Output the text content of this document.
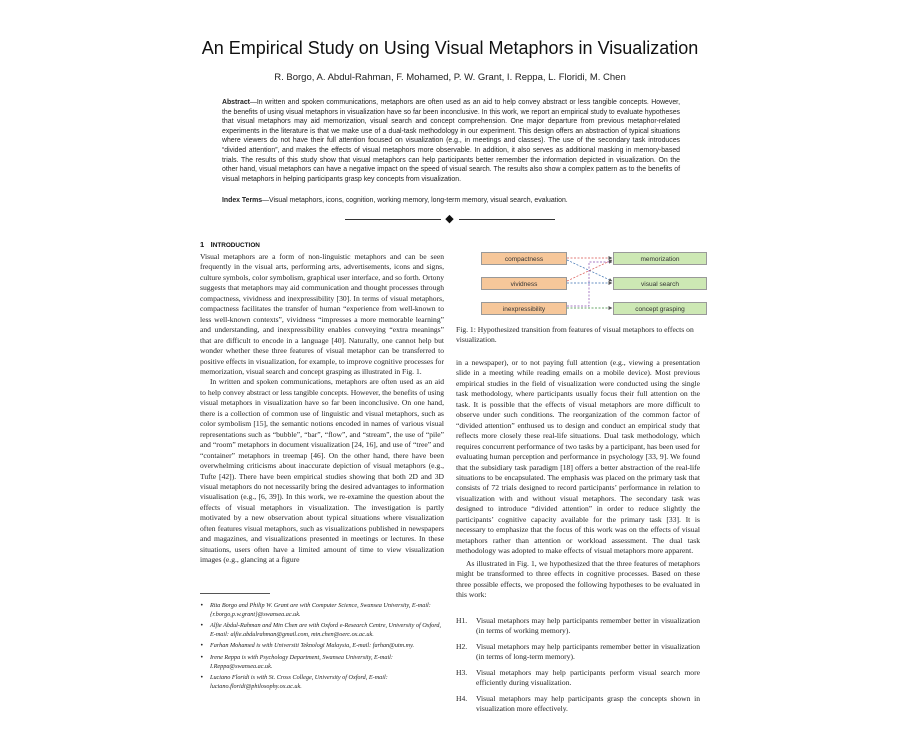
An Empirical Study on Using Visual Metaphors in Visualization
R. Borgo, A. Abdul-Rahman, F. Mohamed, P. W. Grant, I. Reppa, L. Floridi, M. Chen
Abstract—In written and spoken communications, metaphors are often used as an aid to help convey abstract or less tangible concepts. However, the benefits of using visual metaphors in visualization have so far been inconclusive. In this work, we report an empirical study to evaluate hypotheses that visual metaphors may aid memorization, visual search and concept comprehension. One major departure from previous metaphor-related experiments in the literature is that we make use of a dual-task methodology in our experiment. This design offers an abstraction of typical situations where viewers do not have their full attention focused on visualization (e.g., in meetings and classes). The use of the secondary task introduces “divided attention”, and makes the effects of visual metaphors more observable. In addition, it also serves as additional masking in memory-based trials. The results of this study show that visual metaphors can help participants better remember the information depicted in visualization. On the other hand, visual metaphors can have a negative impact on the speed of visual search. The results also show a complex pattern as to the benefits of visual metaphors in helping participants grasp key concepts from visualization.
Index Terms—Visual metaphors, icons, cognition, working memory, long-term memory, visual search, evaluation.
◆
1 INTRODUCTION

Visual metaphors are a form of non-linguistic metaphors and can be seen frequently in the visual arts, performing arts, advertisements, icons and signs, culture symbols, color symbolism, graphical user interface, and so forth. Ortony suggests that metaphors may aid communication and thought processes through compactness, vividness and inexpressibility [30]. In terms of visual metaphors, compactness facilitates the transfer of human “experience from well-known to less well-known contexts”, vividness “impresses a more memorable learning” and understanding, and inexpressibility enables conveying “extra meanings” that are difficult to encode in a language [40]. Naturally, one cannot help but wonder whether these three features of visual metaphor can be transferred to positive effects in visualization, for example, to improve cognitive processes for memorization, visual search and concept grasping as illustrated in Fig. 1.

In written and spoken communications, metaphors are often used as an aid to help convey abstract or less tangible concepts. However, the benefits of using visual metaphors in visualization have so far been inconclusive. On one hand, there is a collection of common use of linguistic and visual metaphors, such as color symbolism [15], the semantic notions encoded in names of various visual representations such as “bubble”, “bar”, “flow”, and “stream”, the use of “pile” and “room” metaphors in document visualization [24, 16], and use of “tree” and “container” metaphors in treemap [46]. On the other hand, there have been overwhelming criticisms about inaccurate depiction of visual metaphors (e.g., Tufte [42]). There have been empirical studies showing that both 2D and 3D visual metaphors do not necessarily bring the desired advantages to information visualisation (e.g., [6, 39]). In this work, we re-examine the question about the effects of visual metaphors in visualization. The investigation is partly motivated by a new observation about typical situations where visualization often features visual metaphors, such as visualizations published in newspapers and magazines, and visualizations presented in meetings or lectures. In these situations, users often have a limited amount of time to view visualization images (e.g., glancing at a figure

• Rita Borgo and Philip W. Grant are with Computer Science, Swansea University, E-mail: {r.borgo,p.w.grant}@swansea.ac.uk.
• Alfie Abdul-Rahman and Min Chen are with Oxford e-Research Centre, University of Oxford, E-mail: alfie.abdulrahman@gmail.com, min.chen@oerc.ox.ac.uk.
• Farhan Mohamed is with Universiti Teknologi Malaysia, E-mail: farhan@utm.my.
• Irene Reppa is with Psychology Department, Swansea University, E-mail: I.Reppa@swansea.ac.uk.
• Luciano Floridi is with St. Cross College, University of Oxford, E-mail: luciano.floridi@philosophy.ox.ac.uk.
compactness
vividness
inexpressibility
memorization
visual search
concept grasping
Fig. 1: Hypothesized transition from features of visual metaphors to effects on visualization.

in a newspaper), or to not paying full attention (e.g., viewing a presentation slide in a meeting while reading emails on a mobile device). Most previous empirical studies in the field of visualization were conducted using the single task methodology, where participants usually focus their full attention on the task. It is possible that the effects of visual metaphors are more difficult to observe under such conditions. The reorganization of the common factor of “divided attention” enthused us to design and conduct an empirical study that reflects more closely these real-life situations. Dual task methodology, which requires concurrent performance of two tasks by a participant, has been used for evaluating human perception and performance in psychology [33, 9]. We found that the subsidiary task paradigm [18] offers a better abstraction of the real-life situations to be encapsulated. The emphasis was placed on the primary task that consists of 72 trials designed to record participants’ performance in relation to visualization with and without visual metaphors. The secondary task was designed to introduce “divided attention” in order to reduce slightly the participants’ cognitive capacity available for the primary task [33]. It is necessary to emphasize that the focus of this work was on the effects of visual metaphors rather than attention or workload assessment. The dual task methodology was adopted to make effects of visual metaphors more apparent.

As illustrated in Fig. 1, we hypothesized that the three features of metaphors might be transformed to three effects in cognitive processes. Based on these three possible effects, we proposed the following hypotheses to be evaluated in this work:

H1. Visual metaphors may help participants remember better in visualization (in terms of working memory).
H2. Visual metaphors may help participants remember better in visualization (in terms of long-term memory).
H3. Visual metaphors may help participants perform visual search more efficiently during visualization.
H4. Visual metaphors may help participants grasp the concepts shown in visualization more effectively.
